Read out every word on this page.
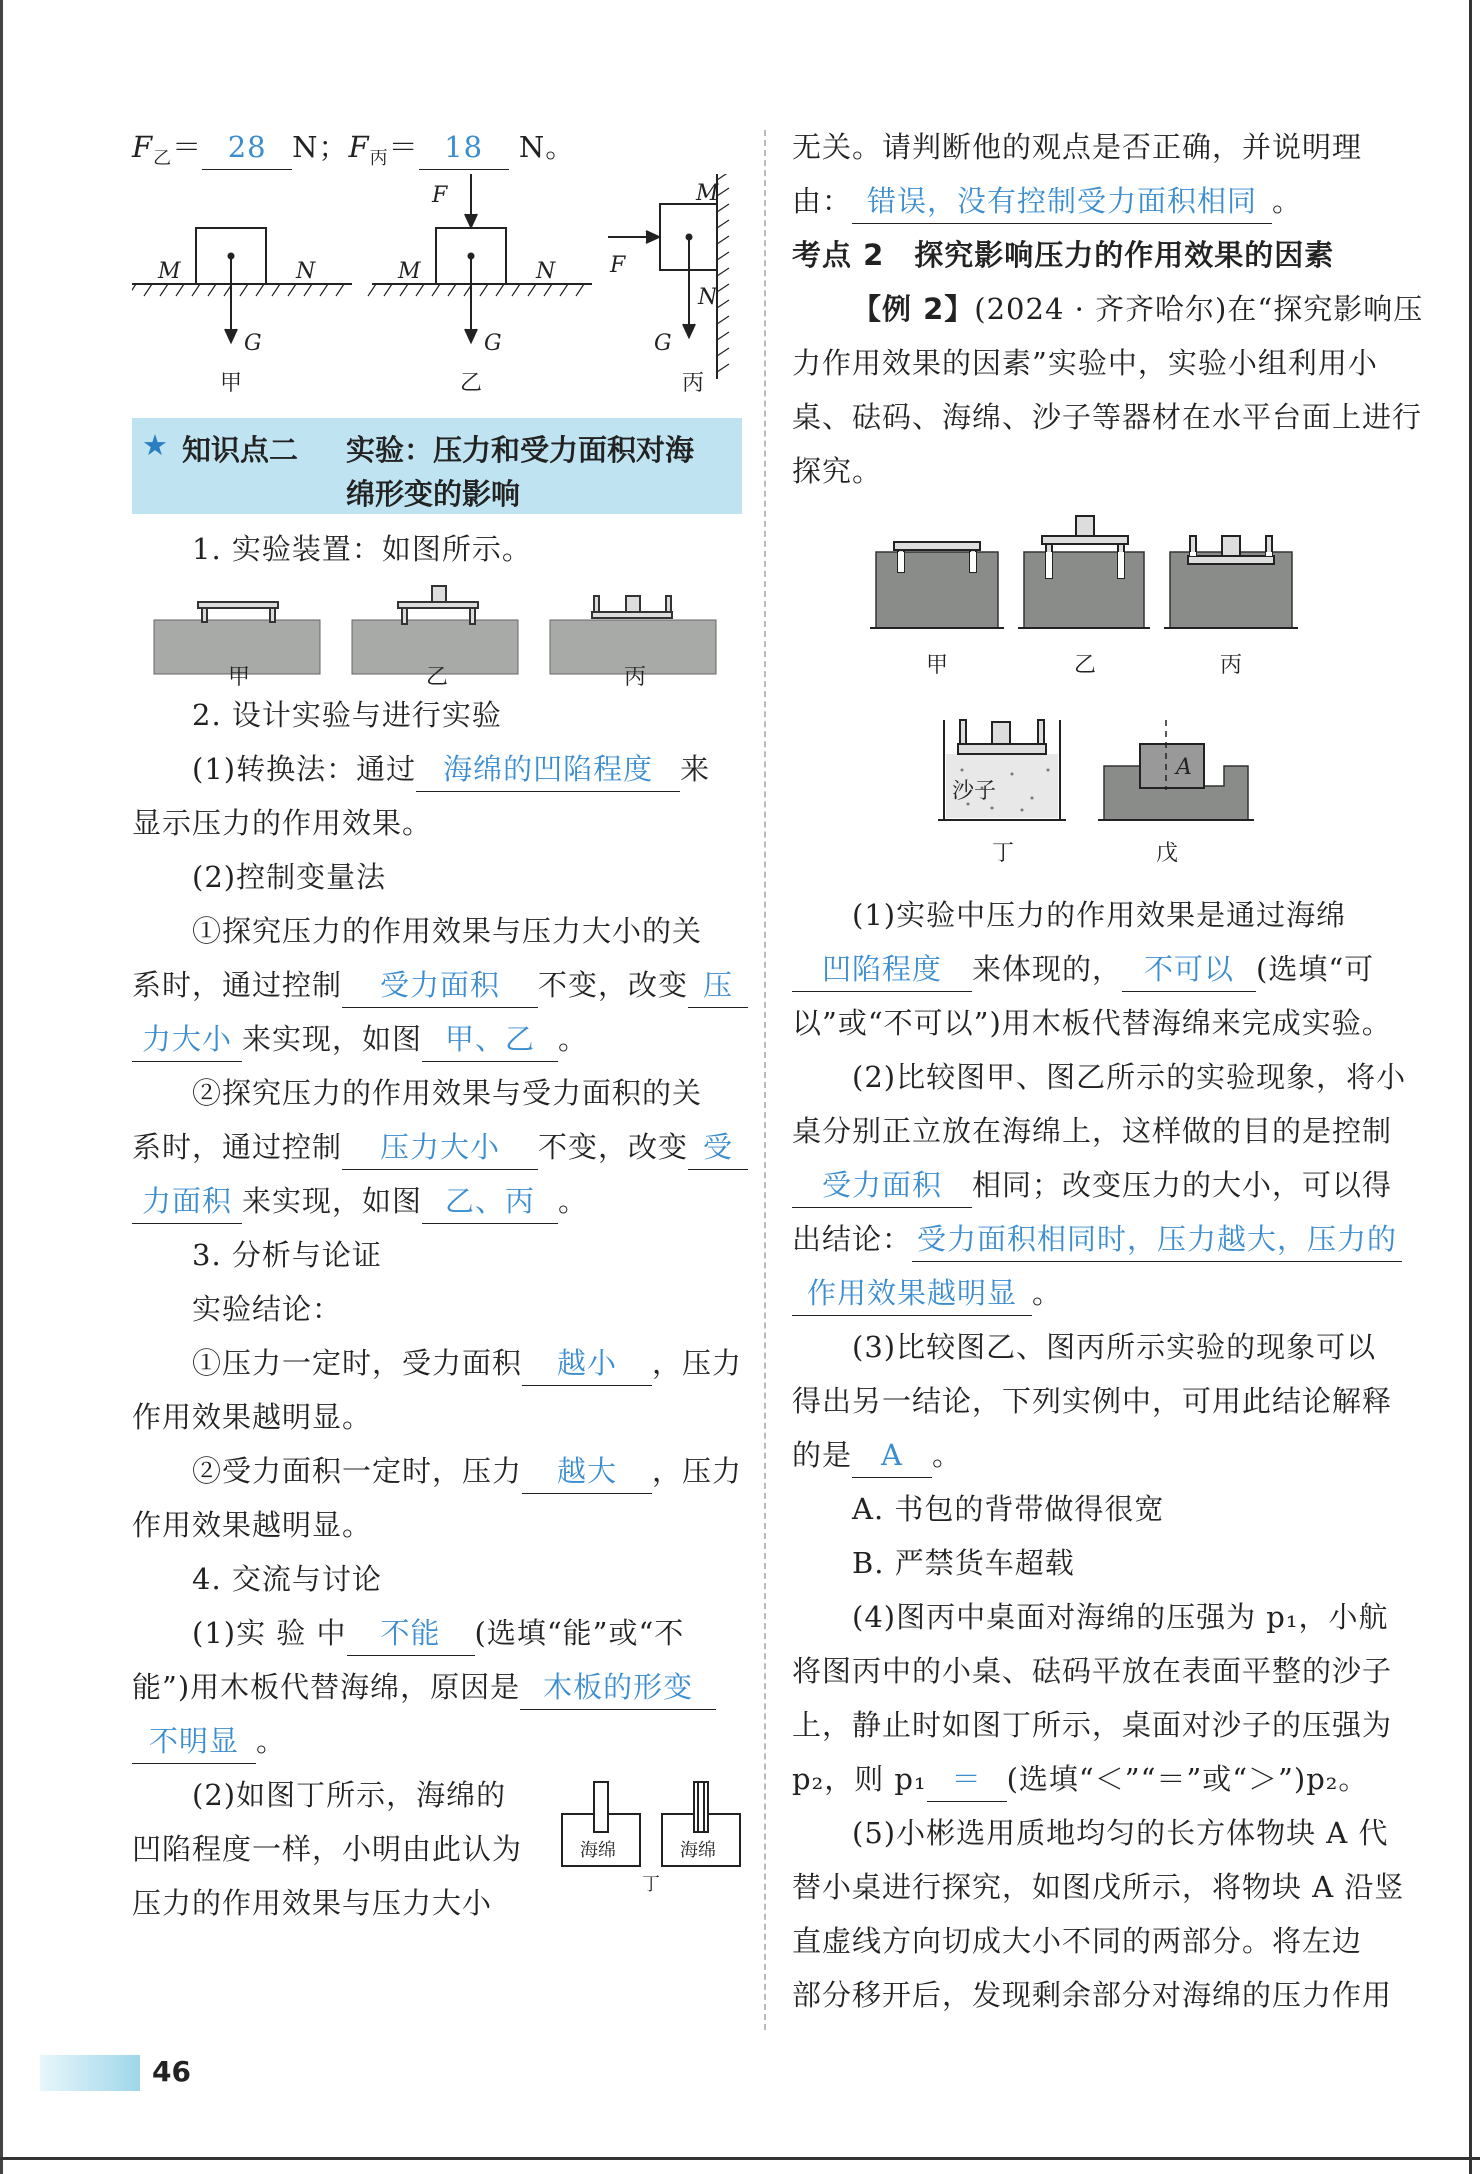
$F_乙= 28$ N；$F_丙= 18$ N。
M	N
G
M	N
G
F	M
N
G
F
甲	乙	丙
★ 知识点二 实验：压力和受力面积对海
绵形变的影响
1. 实验装置：如图所示。
甲	乙	丙
2. 设计实验与进行实验
(1)转换法：通过 海绵的凹陷程度 来
显示压力的作用效果。
(2)控制变量法
①探究压力的作用效果与压力大小的关
系时，通过控制 受力面积 不变，改变 压
力大小 来实现，如图 甲、乙 。
②探究压力的作用效果与受力面积的关
系时，通过控制 压力大小 不变，改变 受
力面积 来实现，如图 乙、丙 。
3. 分析与论证
实验结论：
①压力一定时，受力面积 越小 ，压力
作用效果越明显。
②受力面积一定时，压力 越大 ，压力
作用效果越明显。
4. 交流与讨论
(1)实 验 中 不能 (选填“能”或“不
能”)用木板代替海绵，原因是 木板的形变
不明显 。
(2)如图丁所示，海绵的
凹陷程度一样，小明由此认为
压力的作用效果与压力大小
海绵	海绵
丁
无关。请判断他的观点是否正确，并说明理
由： 错误，没有控制受力面积相同 。
考点 2　探究影响压力的作用效果的因素
【例 2】(2024 · 齐齐哈尔)在“探究影响压
力作用效果的因素”实验中，实验小组利用小
桌、砝码、海绵、沙子等器材在水平台面上进行
探究。
甲	乙	丙
沙子
丁	戊
A
(1)实验中压力的作用效果是通过海绵
凹陷程度 来体现的， 不可以 (选填“可
以”或“不可以”)用木板代替海绵来完成实验。
(2)比较图甲、图乙所示的实验现象，将小
桌分别正立放在海绵上，这样做的目的是控制
受力面积 相同；改变压力的大小，可以得
出结论： 受力面积相同时，压力越大，压力的
作用效果越明显 。
(3)比较图乙、图丙所示实验的现象可以
得出另一结论，下列实例中，可用此结论解释
的是 A 。
A. 书包的背带做得很宽
B. 严禁货车超载
(4)图丙中桌面对海绵的压强为 p₁，小航
将图丙中的小桌、砝码平放在表面平整的沙子
上，静止时如图丁所示，桌面对沙子的压强为
p₂，则 p₁ ＝ (选填“＜”“＝”或“＞”)p₂。
(5)小彬选用质地均匀的长方体物块 A 代
替小桌进行探究，如图戊所示，将物块 A 沿竖
直虚线方向切成大小不同的两部分。将左边
部分移开后，发现剩余部分对海绵的压力作用
46
